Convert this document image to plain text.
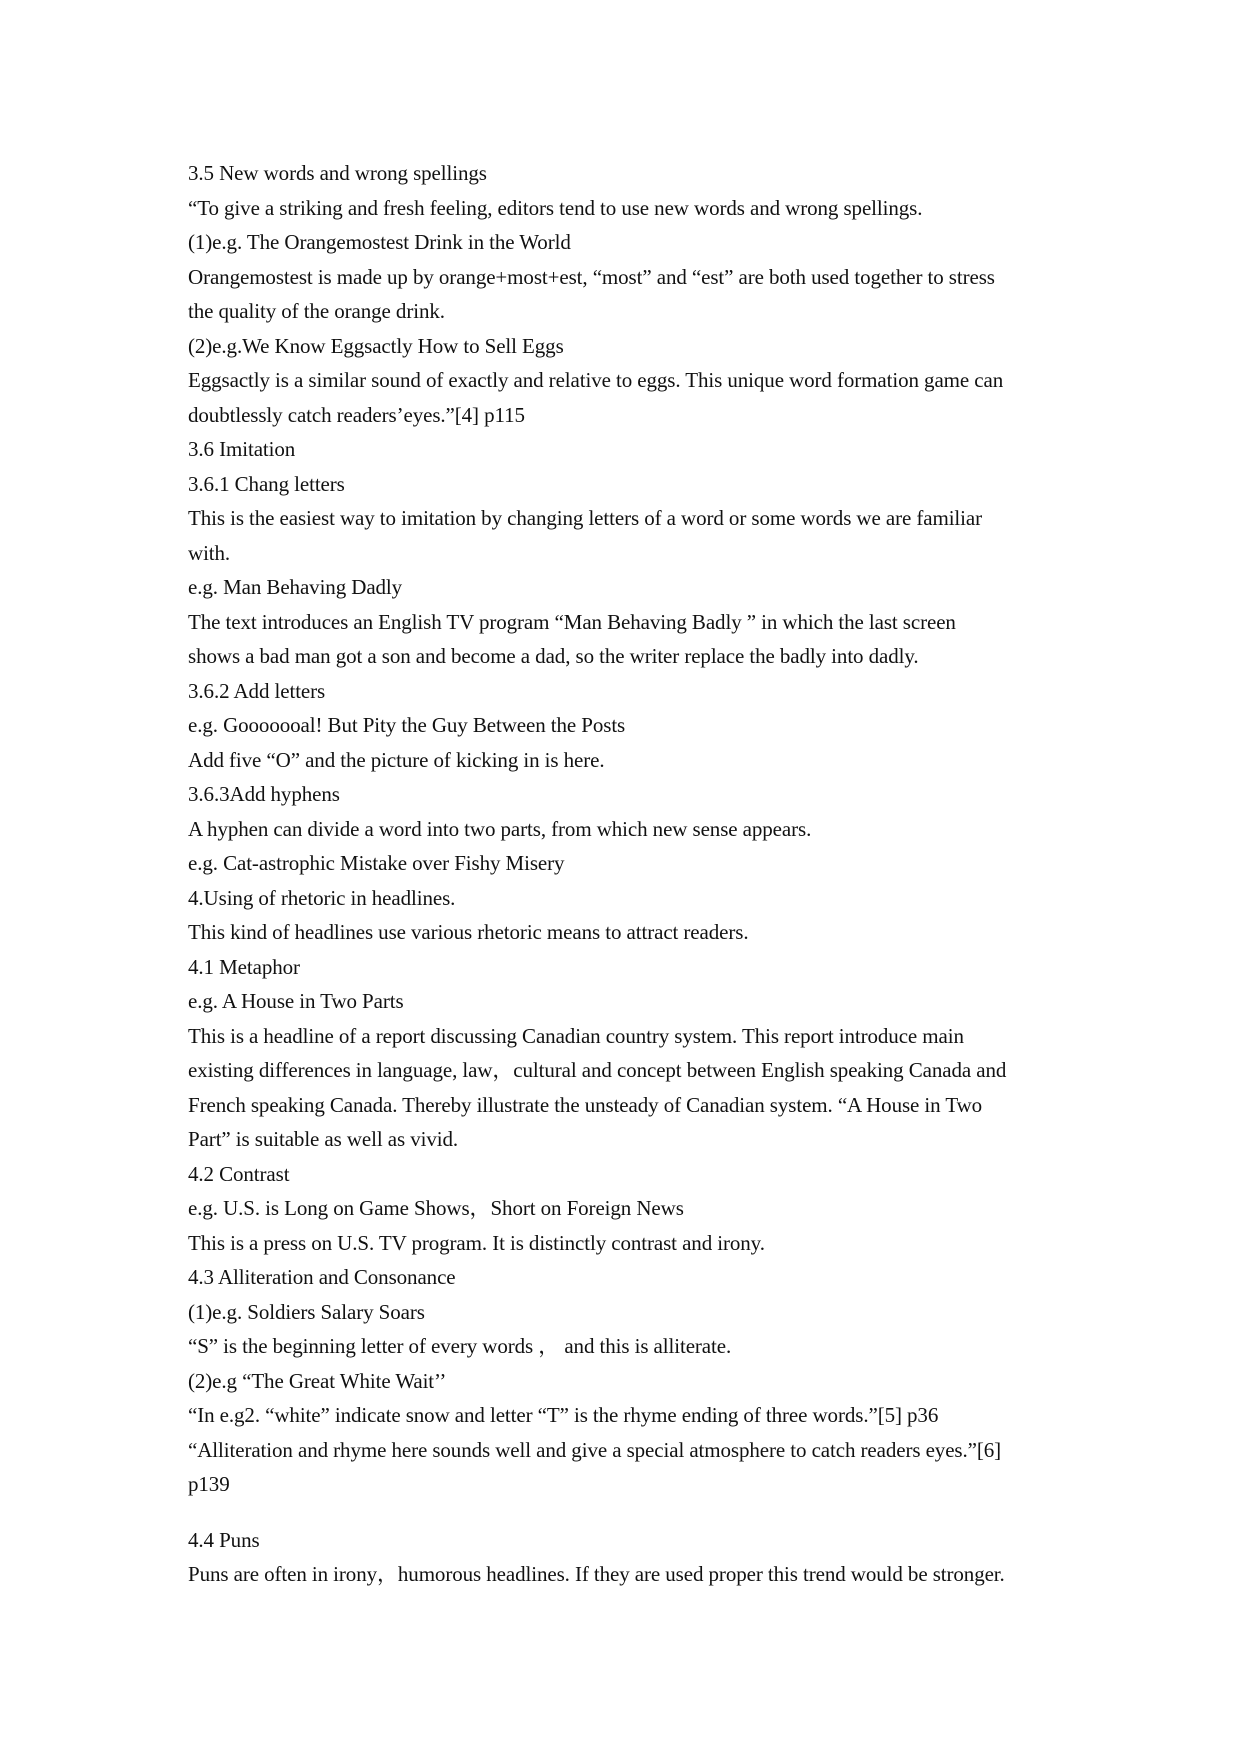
3.5 New words and wrong spellings
“To give a striking and fresh feeling, editors tend to use new words and wrong spellings.
(1)e.g. The Orangemostest Drink in the World
Orangemostest is made up by orange+most+est, “most” and “est” are both used together to stress
the quality of the orange drink.
(2)e.g.We Know Eggsactly How to Sell Eggs
Eggsactly is a similar sound of exactly and relative to eggs. This unique word formation game can
doubtlessly catch readers’eyes.”[4] p115
3.6 Imitation
3.6.1 Chang letters
This is the easiest way to imitation by changing letters of a word or some words we are familiar
with.
e.g. Man Behaving Dadly
The text introduces an English TV program “Man Behaving Badly ” in which the last screen
shows a bad man got a son and become a dad, so the writer replace the badly into dadly.
3.6.2 Add letters
e.g. Gooooooal! But Pity the Guy Between the Posts
Add five “O” and the picture of kicking in is here.
3.6.3Add hyphens
A hyphen can divide a word into two parts, from which new sense appears.
e.g. Cat-astrophic Mistake over Fishy Misery
4.Using of rhetoric in headlines.
This kind of headlines use various rhetoric means to attract readers.
4.1 Metaphor
e.g. A House in Two Parts
This is a headline of a report discussing Canadian country system. This report introduce main
existing differences in language, law，cultural and concept between English speaking Canada and
French speaking Canada. Thereby illustrate the unsteady of Canadian system. “A House in Two
Part” is suitable as well as vivid.
4.2 Contrast
e.g. U.S. is Long on Game Shows，Short on Foreign News
This is a press on U.S. TV program. It is distinctly contrast and irony.
4.3 Alliteration and Consonance
(1)e.g. Soldiers Salary Soars
“S” is the beginning letter of every words ， and this is alliterate.
(2)e.g “The Great White Wait’’
“In e.g2. “white” indicate snow and letter “T” is the rhyme ending of three words.”[5] p36
“Alliteration and rhyme here sounds well and give a special atmosphere to catch readers eyes.”[6]
p139
4.4 Puns
Puns are often in irony，humorous headlines. If they are used proper this trend would be stronger.
